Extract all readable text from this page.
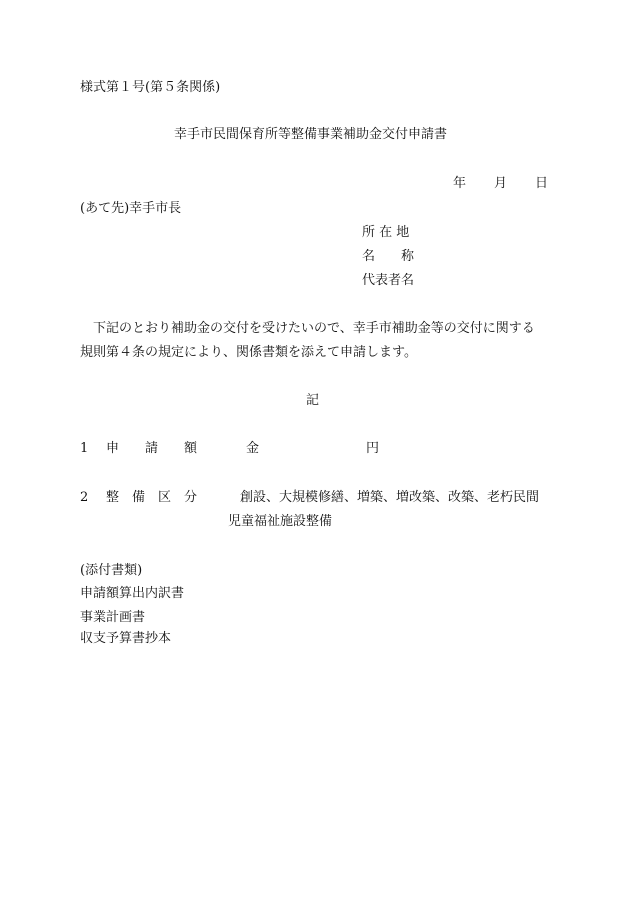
様式第１号(第５条関係)
幸手市民間保育所等整備事業補助金交付申請書
年 月 日
(あて先)幸手市長
所 在 地
名　　称
代表者名
下記のとおり補助金の交付を受けたいので、幸手市補助金等の交付に関する
規則第４条の規定により、関係書類を添えて申請します。
記
1 申　　請　　額	金	円
2 整　備　区　分	創設、大規模修繕、増築、増改築、改築、老朽民間
児童福祉施設整備
(添付書類)
申請額算出内訳書
事業計画書
収支予算書抄本
